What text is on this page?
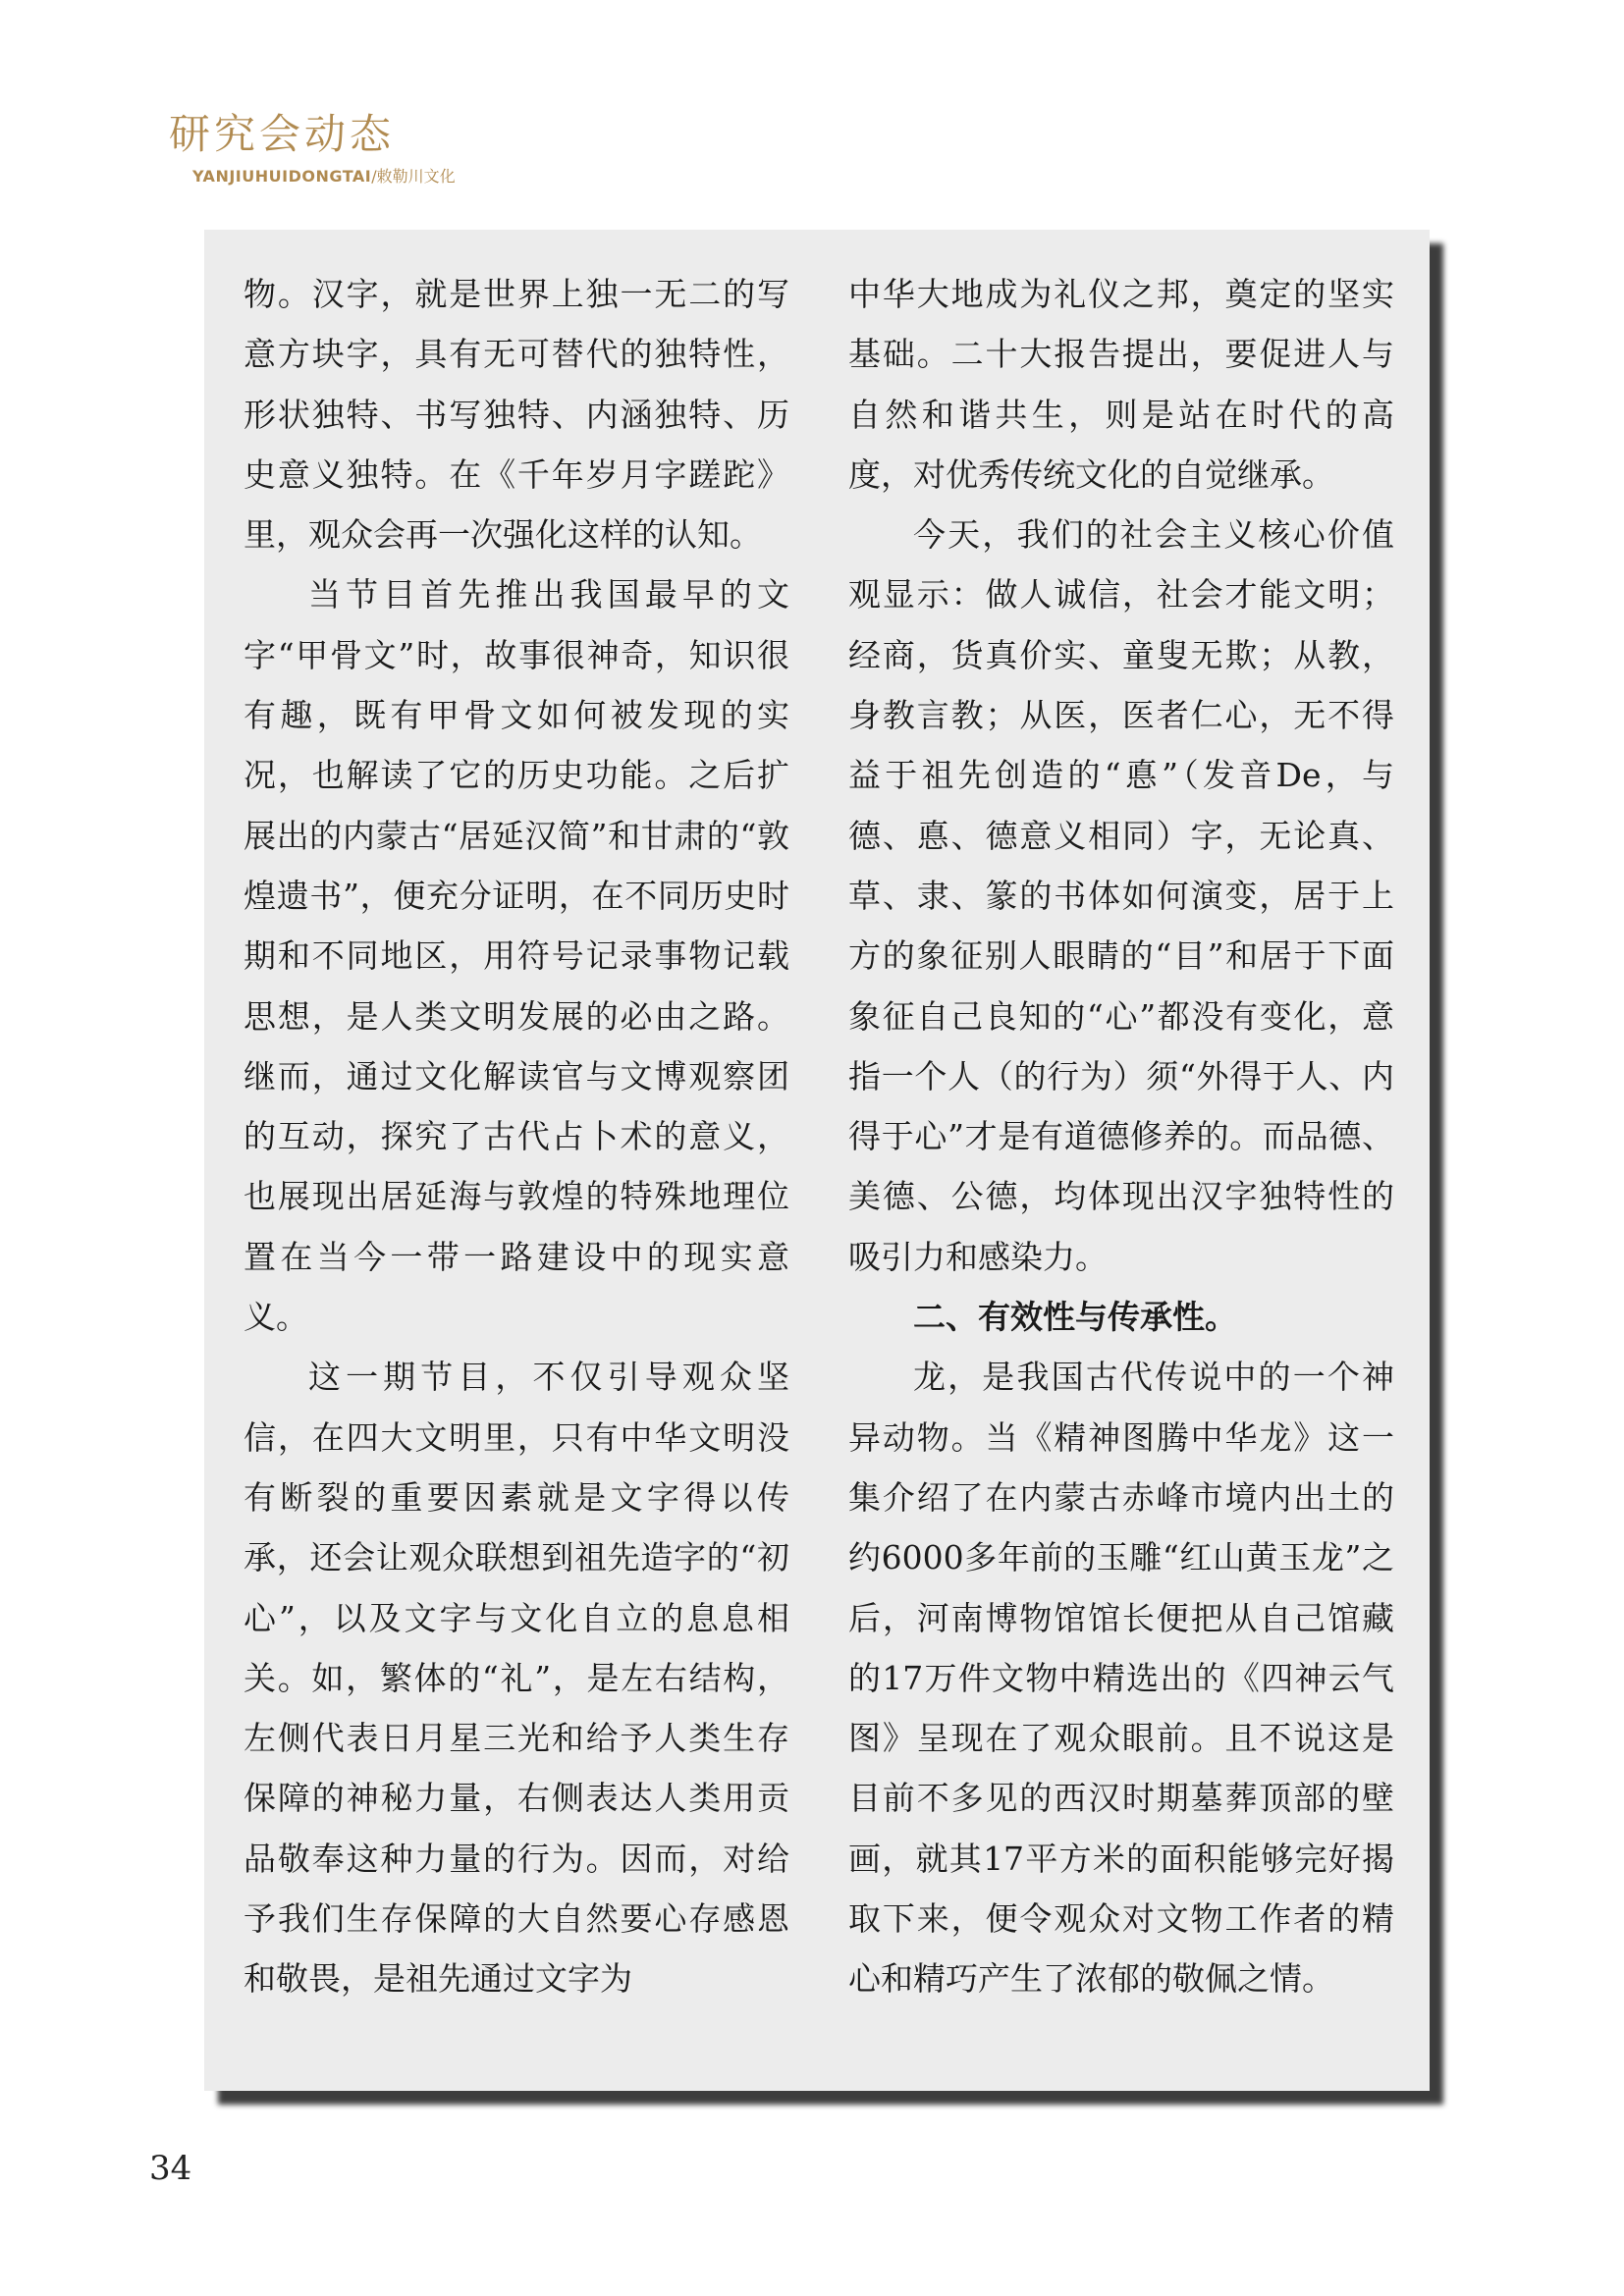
研究会动态
YANJIUHUIDONGTAI/敕勒川文化

物。汉字，就是世界上独一无二的写意方块字，具有无可替代的独特性，形状独特、书写独特、内涵独特、历史意义独特。在《千年岁月字蹉跎》里，观众会再一次强化这样的认知。

当节目首先推出我国最早的文字“甲骨文”时，故事很神奇，知识很有趣，既有甲骨文如何被发现的实况，也解读了它的历史功能。之后扩展出的内蒙古“居延汉简”和甘肃的“敦煌遗书”，便充分证明，在不同历史时期和不同地区，用符号记录事物记载思想，是人类文明发展的必由之路。继而，通过文化解读官与文博观察团的互动，探究了古代占卜术的意义，也展现出居延海与敦煌的特殊地理位置在当今一带一路建设中的现实意义。

这一期节目，不仅引导观众坚信，在四大文明里，只有中华文明没有断裂的重要因素就是文字得以传承，还会让观众联想到祖先造字的“初心”，以及文字与文化自立的息息相关。如，繁体的“礼”，是左右结构，左侧代表日月星三光和给予人类生存保障的神秘力量，右侧表达人类用贡品敬奉这种力量的行为。因而，对给予我们生存保障的大自然要心存感恩和敬畏，是祖先通过文字为

中华大地成为礼仪之邦，奠定的坚实基础。二十大报告提出，要促进人与自然和谐共生，则是站在时代的高度，对优秀传统文化的自觉继承。

今天，我们的社会主义核心价值观显示：做人诚信，社会才能文明；经商，货真价实、童叟无欺；从教，身教言教；从医，医者仁心，无不得益于祖先创造的“悳”（发音De，与德、悳、德意义相同）字，无论真、草、隶、篆的书体如何演变，居于上方的象征别人眼睛的“目”和居于下面象征自己良知的“心”都没有变化，意指一个人（的行为）须“外得于人、内得于心”才是有道德修养的。而品德、美德、公德，均体现出汉字独特性的吸引力和感染力。

二、有效性与传承性。

龙，是我国古代传说中的一个神异动物。当《精神图腾中华龙》这一集介绍了在内蒙古赤峰市境内出土的约6000多年前的玉雕“红山黄玉龙”之后，河南博物馆馆长便把从自己馆藏的17万件文物中精选出的《四神云气图》呈现在了观众眼前。且不说这是目前不多见的西汉时期墓葬顶部的壁画，就其17平方米的面积能够完好揭取下来，便令观众对文物工作者的精心和精巧产生了浓郁的敬佩之情。

34
